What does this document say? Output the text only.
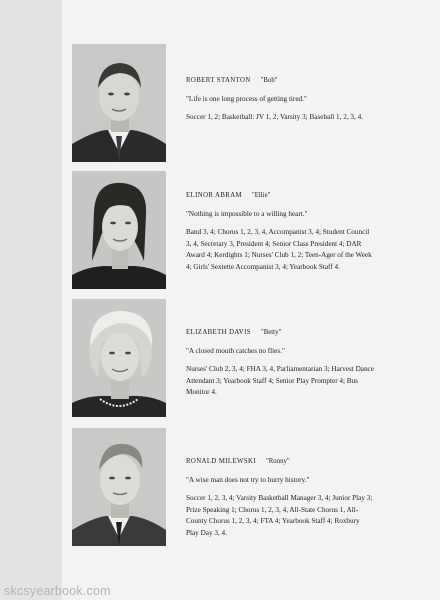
ROBERT STANTON "Bob"
"Life is one long process of getting tired."
Soccer 1, 2; Basketball: JV 1, 2, Varsity 3; Baseball 1, 2, 3, 4.
ELINOR ABRAM "Ellie"
"Nothing is impossible to a willing heart."
Band 3, 4; Chorus 1, 2, 3, 4, Accompanist 3, 4; Student Council 3, 4, Secretary 3, President 4; Senior Class President 4; DAR Award 4; Kerdights 1; Nurses' Club 1, 2; Teen-Ager of the Week 4; Girls' Sextette Accompanist 3, 4; Yearbook Staff 4.
ELIZABETH DAVIS "Betty"
"A closed mouth catches no flies."
Nurses' Club 2, 3, 4; FHA 3, 4, Parliamentarian 3; Harvest Dance Attendant 3; Yearbook Staff 4; Senior Play Prompter 4; Bus Monitor 4.
RONALD MILEWSKI "Ronny"
"A wise man does not try to hurry history."
Soccer 1, 2, 3, 4; Varsity Basketball Manager 3, 4; Junior Play 3; Prize Speaking 1; Chorus 1, 2, 3, 4, All-State Chorus 1, All-County Chorus 1, 2, 3, 4; FTA 4; Yearbook Staff 4; Roxbury Play Day 3, 4.
skcsyearbook.com
